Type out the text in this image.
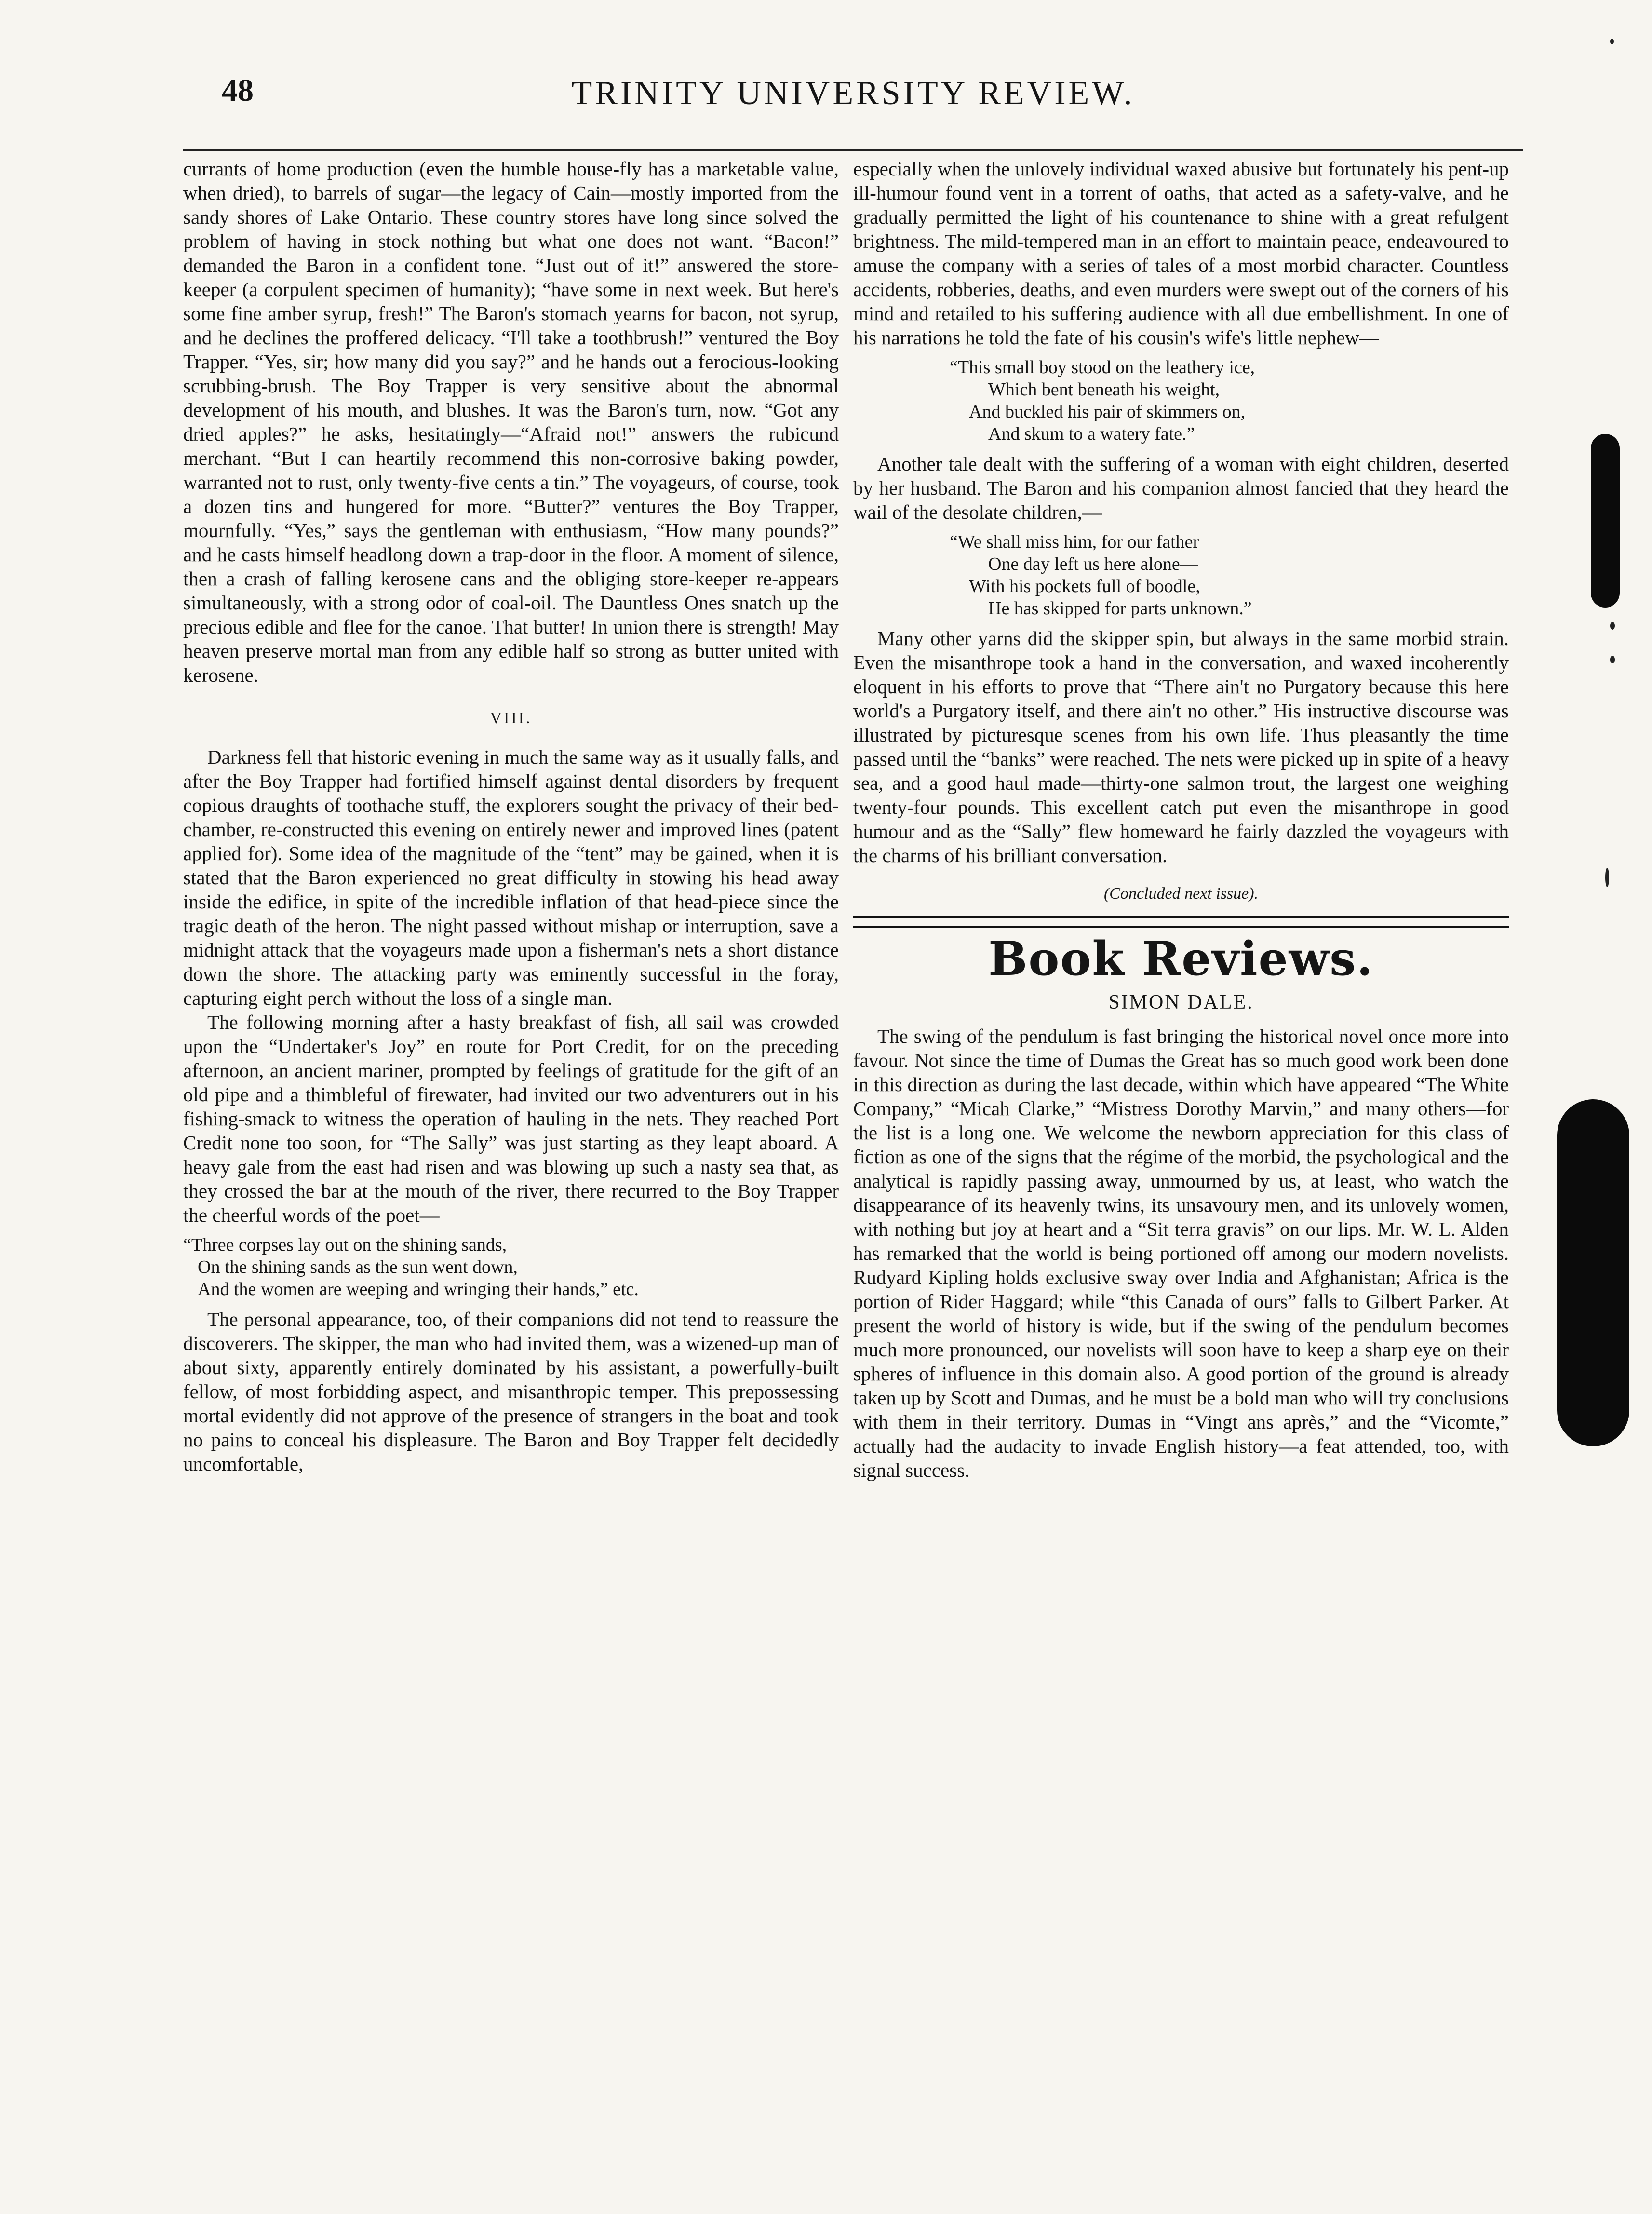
48	TRINITY UNIVERSITY REVIEW.

currants of home production (even the humble house-fly has a marketable value, when dried), to barrels of sugar—the legacy of Cain—mostly imported from the sandy shores of Lake Ontario. These country stores have long since solved the problem of having in stock nothing but what one does not want. “Bacon!” demanded the Baron in a confident tone. “Just out of it!” answered the store-keeper (a corpulent specimen of humanity); “have some in next week. But here's some fine amber syrup, fresh!” The Baron's stomach yearns for bacon, not syrup, and he declines the proffered delicacy. “I'll take a toothbrush!” ventured the Boy Trapper. “Yes, sir; how many did you say?” and he hands out a ferocious-looking scrubbing-brush. The Boy Trapper is very sensitive about the abnormal development of his mouth, and blushes. It was the Baron's turn, now. “Got any dried apples?” he asks, hesitatingly—“Afraid not!” answers the rubicund merchant. “But I can heartily recommend this non-corrosive baking powder, warranted not to rust, only twenty-five cents a tin.” The voyageurs, of course, took a dozen tins and hungered for more. “Butter?” ventures the Boy Trapper, mournfully. “Yes,” says the gentleman with enthusiasm, “How many pounds?” and he casts himself headlong down a trap-door in the floor. A moment of silence, then a crash of falling kerosene cans and the obliging store-keeper re-appears simultaneously, with a strong odor of coal-oil. The Dauntless Ones snatch up the precious edible and flee for the canoe. That butter! In union there is strength! May heaven preserve mortal man from any edible half so strong as butter united with kerosene.

VIII.

Darkness fell that historic evening in much the same way as it usually falls, and after the Boy Trapper had fortified himself against dental disorders by frequent copious draughts of toothache stuff, the explorers sought the privacy of their bed-chamber, re-constructed this evening on entirely newer and improved lines (patent applied for). Some idea of the magnitude of the “tent” may be gained, when it is stated that the Baron experienced no great difficulty in stowing his head away inside the edifice, in spite of the incredible inflation of that head-piece since the tragic death of the heron. The night passed without mishap or interruption, save a midnight attack that the voyageurs made upon a fisherman's nets a short distance down the shore. The attacking party was eminently successful in the foray, capturing eight perch without the loss of a single man.

The following morning after a hasty breakfast of fish, all sail was crowded upon the “Undertaker's Joy” en route for Port Credit, for on the preceding afternoon, an ancient mariner, prompted by feelings of gratitude for the gift of an old pipe and a thimbleful of firewater, had invited our two adventurers out in his fishing-smack to witness the operation of hauling in the nets. They reached Port Credit none too soon, for “The Sally” was just starting as they leapt aboard. A heavy gale from the east had risen and was blowing up such a nasty sea that, as they crossed the bar at the mouth of the river, there recurred to the Boy Trapper the cheerful words of the poet—

“Three corpses lay out on the shining sands,
On the shining sands as the sun went down,
And the women are weeping and wringing their hands,” etc.

The personal appearance, too, of their companions did not tend to reassure the discoverers. The skipper, the man who had invited them, was a wizened-up man of about sixty, apparently entirely dominated by his assistant, a powerfully-built fellow, of most forbidding aspect, and misanthropic temper. This prepossessing mortal evidently did not approve of the presence of strangers in the boat and took no pains to conceal his displeasure. The Baron and Boy Trapper felt decidedly uncomfortable,

especially when the unlovely individual waxed abusive but fortunately his pent-up ill-humour found vent in a torrent of oaths, that acted as a safety-valve, and he gradually permitted the light of his countenance to shine with a great refulgent brightness. The mild-tempered man in an effort to maintain peace, endeavoured to amuse the company with a series of tales of a most morbid character. Countless accidents, robberies, deaths, and even murders were swept out of the corners of his mind and retailed to his suffering audience with all due embellishment. In one of his narrations he told the fate of his cousin's wife's little nephew—

“This small boy stood on the leathery ice,
Which bent beneath his weight,
And buckled his pair of skimmers on,
And skum to a watery fate.”

Another tale dealt with the suffering of a woman with eight children, deserted by her husband. The Baron and his companion almost fancied that they heard the wail of the desolate children,—

“We shall miss him, for our father
One day left us here alone—
With his pockets full of boodle,
He has skipped for parts unknown.”

Many other yarns did the skipper spin, but always in the same morbid strain. Even the misanthrope took a hand in the conversation, and waxed incoherently eloquent in his efforts to prove that “There ain't no Purgatory because this here world's a Purgatory itself, and there ain't no other.” His instructive discourse was illustrated by picturesque scenes from his own life. Thus pleasantly the time passed until the “banks” were reached. The nets were picked up in spite of a heavy sea, and a good haul made—thirty-one salmon trout, the largest one weighing twenty-four pounds. This excellent catch put even the misanthrope in good humour and as the “Sally” flew homeward he fairly dazzled the voyageurs with the charms of his brilliant conversation.

(Concluded next issue).
Book Reviews.
SIMON DALE.

The swing of the pendulum is fast bringing the historical novel once more into favour. Not since the time of Dumas the Great has so much good work been done in this direction as during the last decade, within which have appeared “The White Company,” “Micah Clarke,” “Mistress Dorothy Marvin,” and many others—for the list is a long one. We welcome the newborn appreciation for this class of fiction as one of the signs that the régime of the morbid, the psychological and the analytical is rapidly passing away, unmourned by us, at least, who watch the disappearance of its heavenly twins, its unsavoury men, and its unlovely women, with nothing but joy at heart and a “Sit terra gravis” on our lips. Mr. W. L. Alden has remarked that the world is being portioned off among our modern novelists. Rudyard Kipling holds exclusive sway over India and Afghanistan; Africa is the portion of Rider Haggard; while “this Canada of ours” falls to Gilbert Parker. At present the world of history is wide, but if the swing of the pendulum becomes much more pronounced, our novelists will soon have to keep a sharp eye on their spheres of influence in this domain also. A good portion of the ground is already taken up by Scott and Dumas, and he must be a bold man who will try conclusions with them in their territory. Dumas in “Vingt ans après,” and the “Vicomte,” actually had the audacity to invade English history—a feat attended, too, with signal success.
